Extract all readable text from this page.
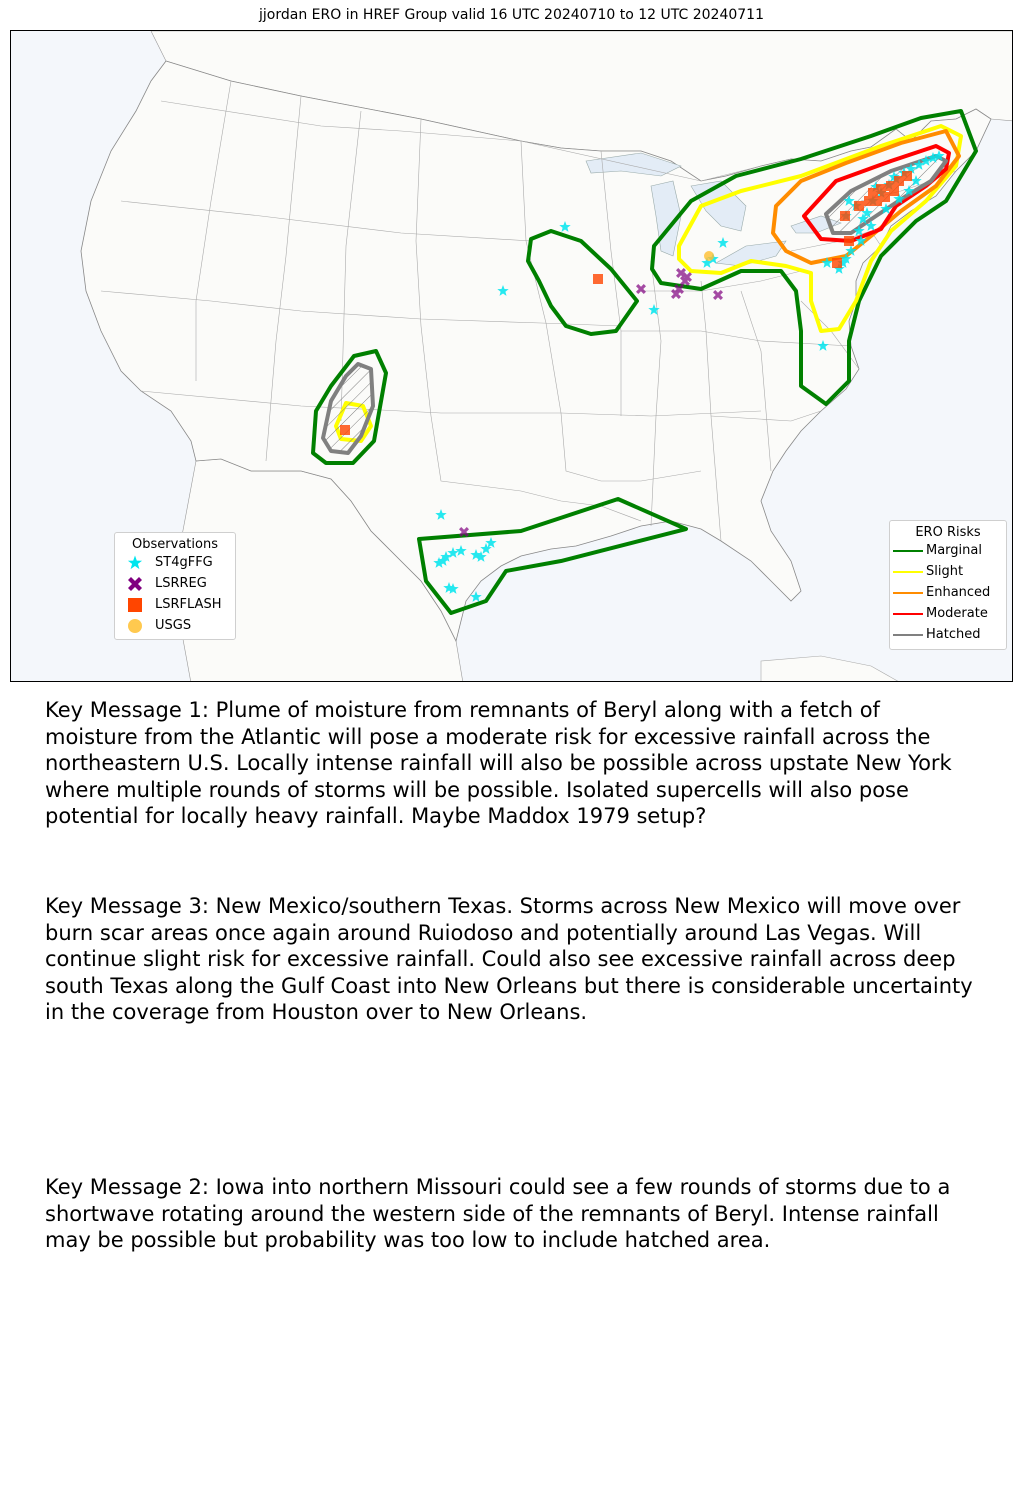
jjordan ERO in HREF Group valid 16 UTC 20240710 to 12 UTC 20240711
Observations
ST4gFFG
LSRREG
LSRFLASH
USGS
ERO Risks
Marginal
Slight
Enhanced
Moderate
Hatched
Key Message 1: Plume of moisture from remnants of Beryl along with a fetch of moisture from the Atlantic will pose a moderate risk for excessive rainfall across the northeastern U.S. Locally intense rainfall will also be possible across upstate New York where multiple rounds of storms will be possible. Isolated supercells will also pose potential for locally heavy rainfall. Maybe Maddox 1979 setup?
Key Message 3: New Mexico/southern Texas. Storms across New Mexico will move over burn scar areas once again around Ruiodoso and potentially around Las Vegas. Will continue slight risk for excessive rainfall. Could also see excessive rainfall across deep south Texas along the Gulf Coast into New Orleans but there is considerable uncertainty in the coverage from Houston over to New Orleans.
Key Message 2: Iowa into northern Missouri could see a few rounds of storms due to a shortwave rotating around the western side of the remnants of Beryl. Intense rainfall may be possible but probability was too low to include hatched area.
